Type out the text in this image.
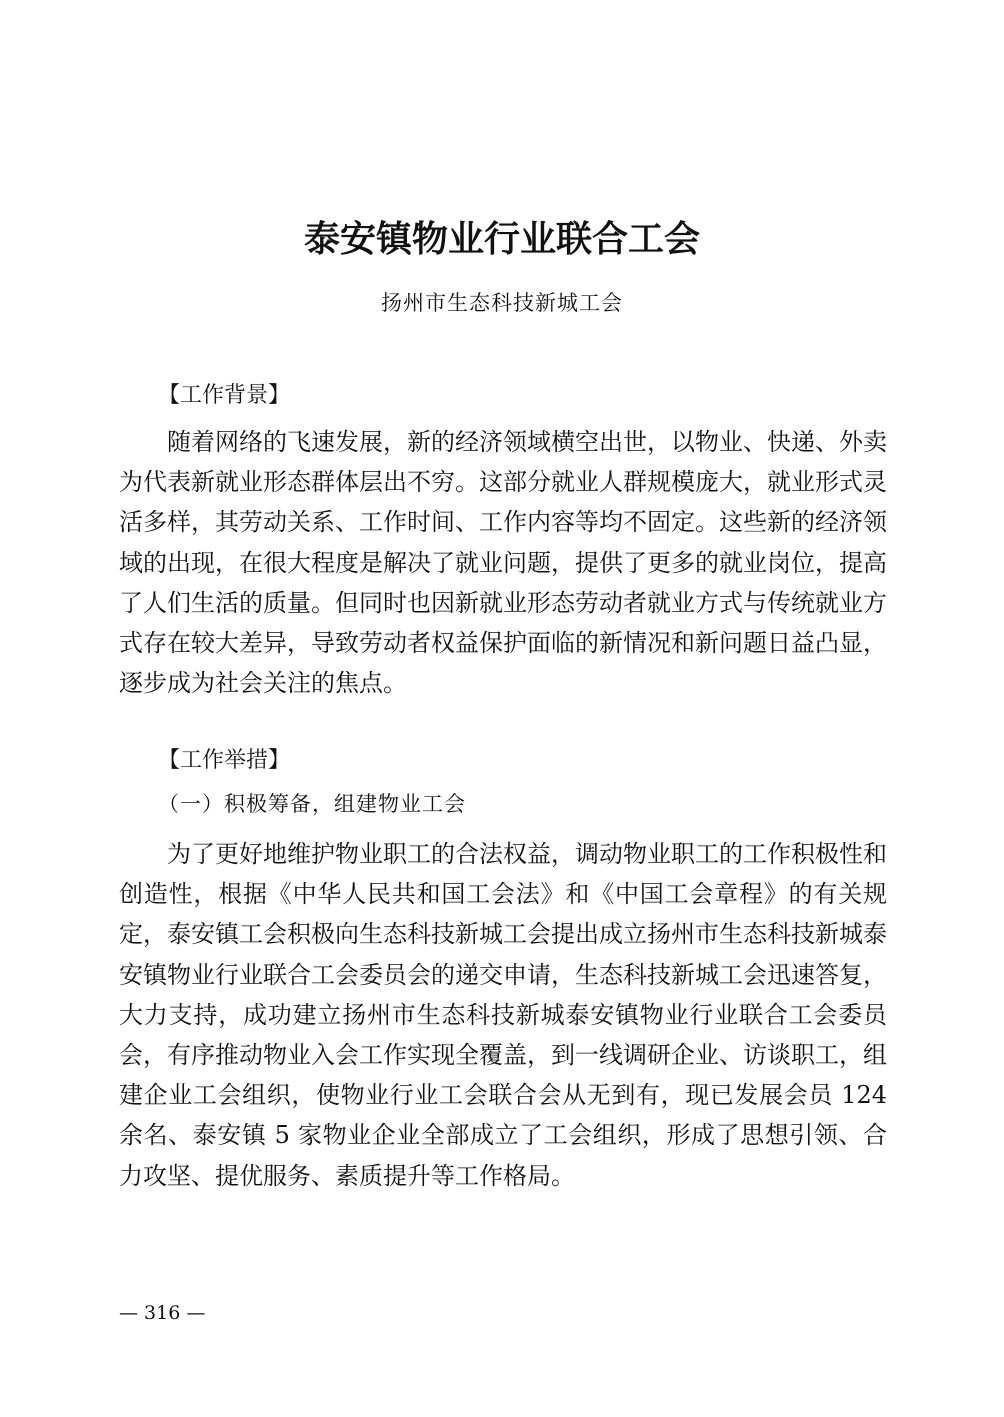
泰安镇物业行业联合工会
扬州市生态科技新城工会
【工作背景】

随着网络的飞速发展，新的经济领域横空出世，以物业、快递、外卖为代表新就业形态群体层出不穷。这部分就业人群规模庞大，就业形式灵活多样，其劳动关系、工作时间、工作内容等均不固定。这些新的经济领域的出现，在很大程度是解决了就业问题，提供了更多的就业岗位，提高了人们生活的质量。但同时也因新就业形态劳动者就业方式与传统就业方式存在较大差异，导致劳动者权益保护面临的新情况和新问题日益凸显，逐步成为社会关注的焦点。

【工作举措】
（一）积极筹备，组建物业工会

为了更好地维护物业职工的合法权益，调动物业职工的工作积极性和创造性，根据《中华人民共和国工会法》和《中国工会章程》的有关规定，泰安镇工会积极向生态科技新城工会提出成立扬州市生态科技新城泰安镇物业行业联合工会委员会的递交申请，生态科技新城工会迅速答复，大力支持，成功建立扬州市生态科技新城泰安镇物业行业联合工会委员会，有序推动物业入会工作实现全覆盖，到一线调研企业、访谈职工，组建企业工会组织，使物业行业工会联合会从无到有，现已发展会员 124 余名、泰安镇 5 家物业企业全部成立了工会组织，形成了思想引领、合力攻坚、提优服务、素质提升等工作格局。

— 316 —
